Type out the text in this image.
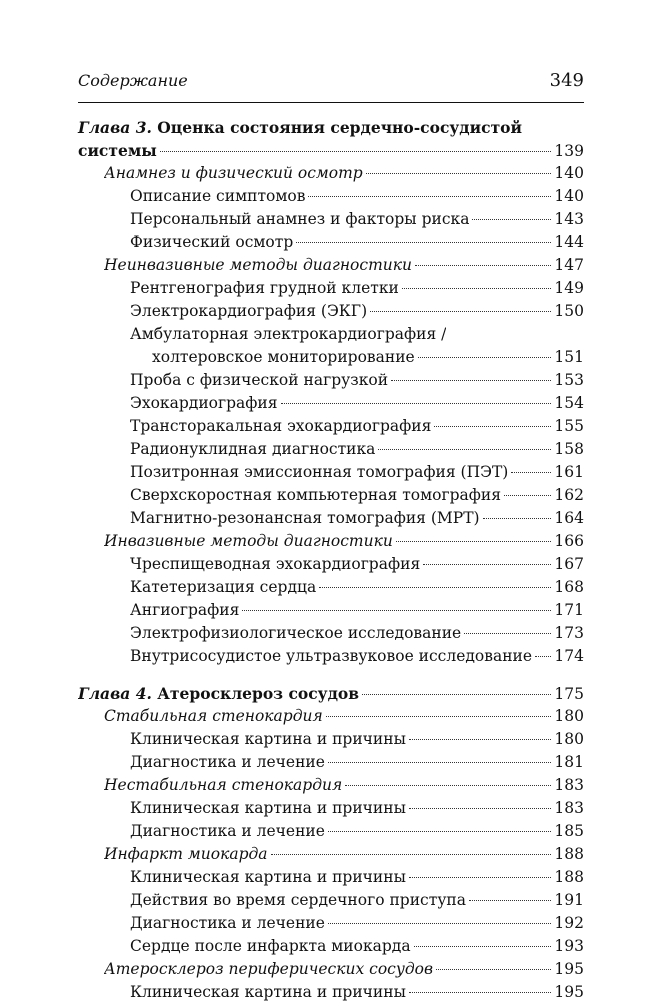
Содержание	349
Глава 3. Оценка состояния сердечно-сосудистой
системы	139
Анамнез и физический осмотр	140
Описание симптомов	140
Персональный анамнез и факторы риска	143
Физический осмотр	144
Неинвазивные методы диагностики	147
Рентгенография грудной клетки	149
Электрокардиография (ЭКГ)	150
Амбулаторная электрокардиография /
холтеровское мониторирование	151
Проба с физической нагрузкой	153
Эхокардиография	154
Трансторакальная эхокардиография	155
Радионуклидная диагностика	158
Позитронная эмиссионная томография (ПЭТ)	161
Сверхскоростная компьютерная томография	162
Магнитно-резонансная томография (МРТ)	164
Инвазивные методы диагностики	166
Чреспищеводная эхокардиография	167
Катетеризация сердца	168
Ангиография	171
Электрофизиологическое исследование	173
Внутрисосудистое ультразвуковое исследование 174
Глава 4. Атеросклероз сосудов	175
Стабильная стенокардия	180
Клиническая картина и причины	180
Диагностика и лечение	181
Нестабильная стенокардия	183
Клиническая картина и причины	183
Диагностика и лечение	185
Инфаркт миокарда	188
Клиническая картина и причины	188
Действия во время сердечного приступа	191
Диагностика и лечение	192
Сердце после инфаркта миокарда	193
Атеросклероз периферических сосудов	195
Клиническая картина и причины	195
